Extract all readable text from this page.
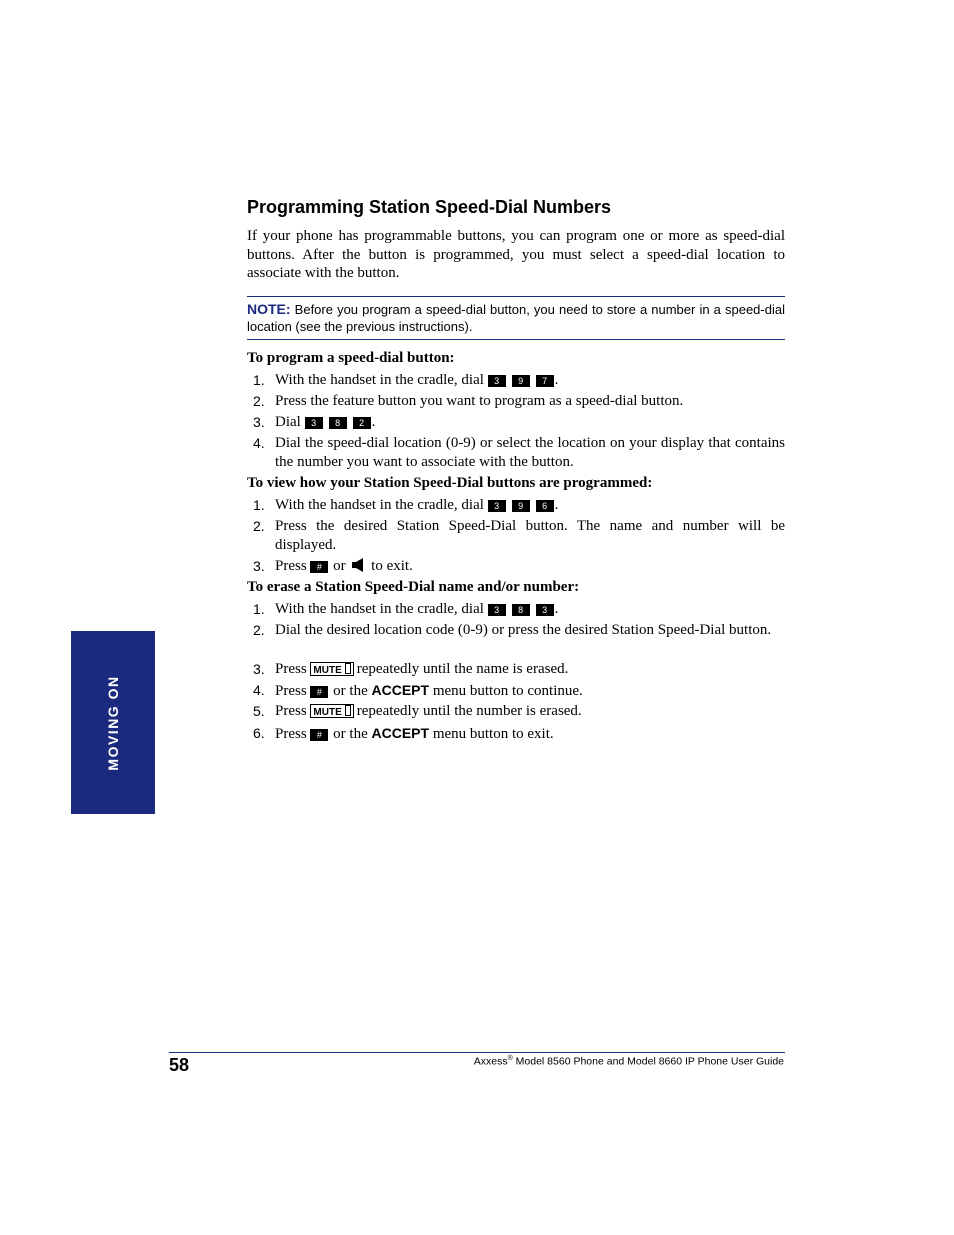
Programming Station Speed-Dial Numbers
If your phone has programmable buttons, you can program one or more as speed-dial buttons. After the button is programmed, you must select a speed-dial location to associate with the button.
NOTE: Before you program a speed-dial button, you need to store a number in a speed-dial location (see the previous instructions).
To program a speed-dial button:
1. With the handset in the cradle, dial 3 9 7 .
2. Press the feature button you want to program as a speed-dial button.
3. Dial 3 8 2 .
4. Dial the speed-dial location (0-9) or select the location on your display that contains the number you want to associate with the button.
To view how your Station Speed-Dial buttons are programmed:
1. With the handset in the cradle, dial 3 9 6 .
2. Press the desired Station Speed-Dial button. The name and number will be displayed.
3. Press # or to exit.
To erase a Station Speed-Dial name and/or number:
1. With the handset in the cradle, dial 3 8 3 .
2. Dial the desired location code (0-9) or press the desired Station Speed-Dial button.
3. Press MUTE repeatedly until the name is erased.
4. Press # or the ACCEPT menu button to continue.
5. Press MUTE repeatedly until the number is erased.
6. Press # or the ACCEPT menu button to exit.
MOVING ON
58	Axxess® Model 8560 Phone and Model 8660 IP Phone User Guide
